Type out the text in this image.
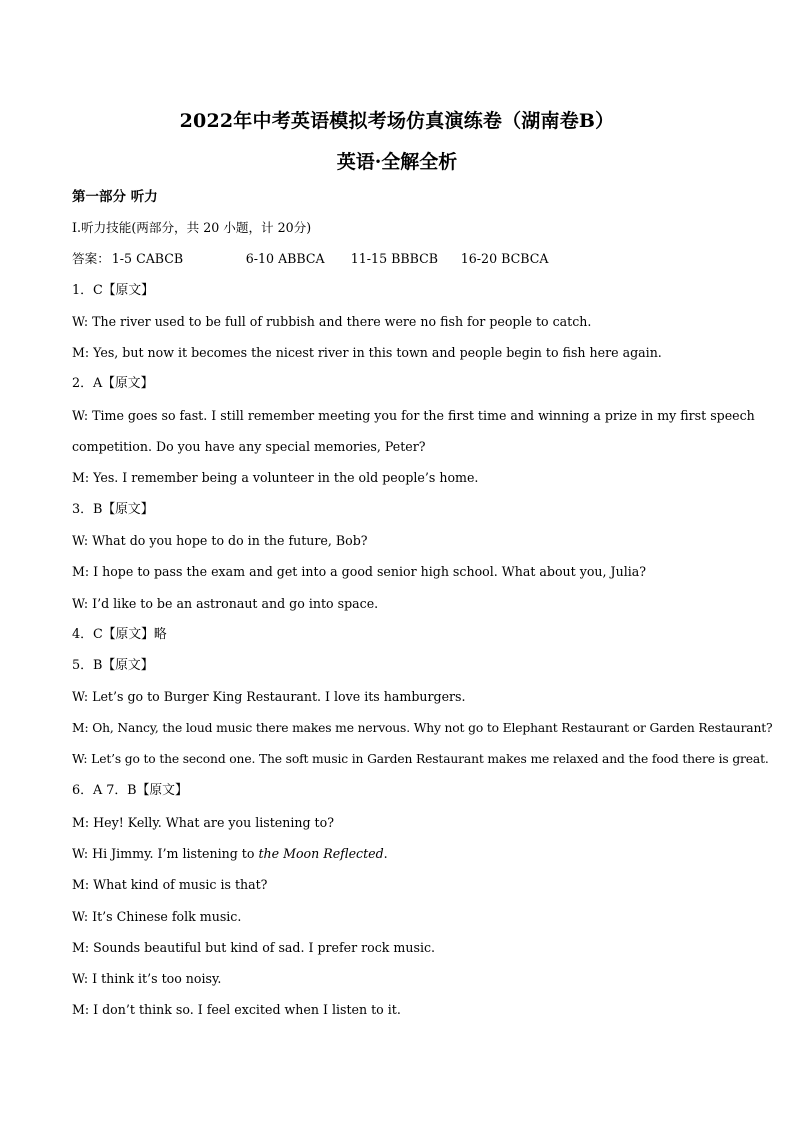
2022年中考英语模拟考场仿真演练卷（湖南卷B）
英语·全解全析
第一部分 听力
Ⅰ.听力技能(两部分，共 20 小题，计 20分)
答案： 1-5 CABCB	6-10 ABBCA 11-15 BBBCB 16-20 BCBCA
1．C【原文】
W: The river used to be full of rubbish and there were no fish for people to catch.
M: Yes, but now it becomes the nicest river in this town and people begin to fish here again.
2．A【原文】
W: Time goes so fast. I still remember meeting you for the first time and winning a prize in my first speech
competition. Do you have any special memories, Peter?
M: Yes. I remember being a volunteer in the old people’s home.
3．B【原文】
W: What do you hope to do in the future, Bob?
M: I hope to pass the exam and get into a good senior high school. What about you, Julia?
W: I’d like to be an astronaut and go into space.
4．C【原文】略
5．B【原文】
W: Let’s go to Burger King Restaurant. I love its hamburgers.
M: Oh, Nancy, the loud music there makes me nervous. Why not go to Elephant Restaurant or Garden Restaurant?
W: Let’s go to the second one. The soft music in Garden Restaurant makes me relaxed and the food there is great.
6．A 7．B【原文】
M: Hey! Kelly. What are you listening to?
W: Hi Jimmy. I’m listening to the Moon Reflected.
M: What kind of music is that?
W: It’s Chinese folk music.
M: Sounds beautiful but kind of sad. I prefer rock music.
W: I think it’s too noisy.
M: I don’t think so. I feel excited when I listen to it.
